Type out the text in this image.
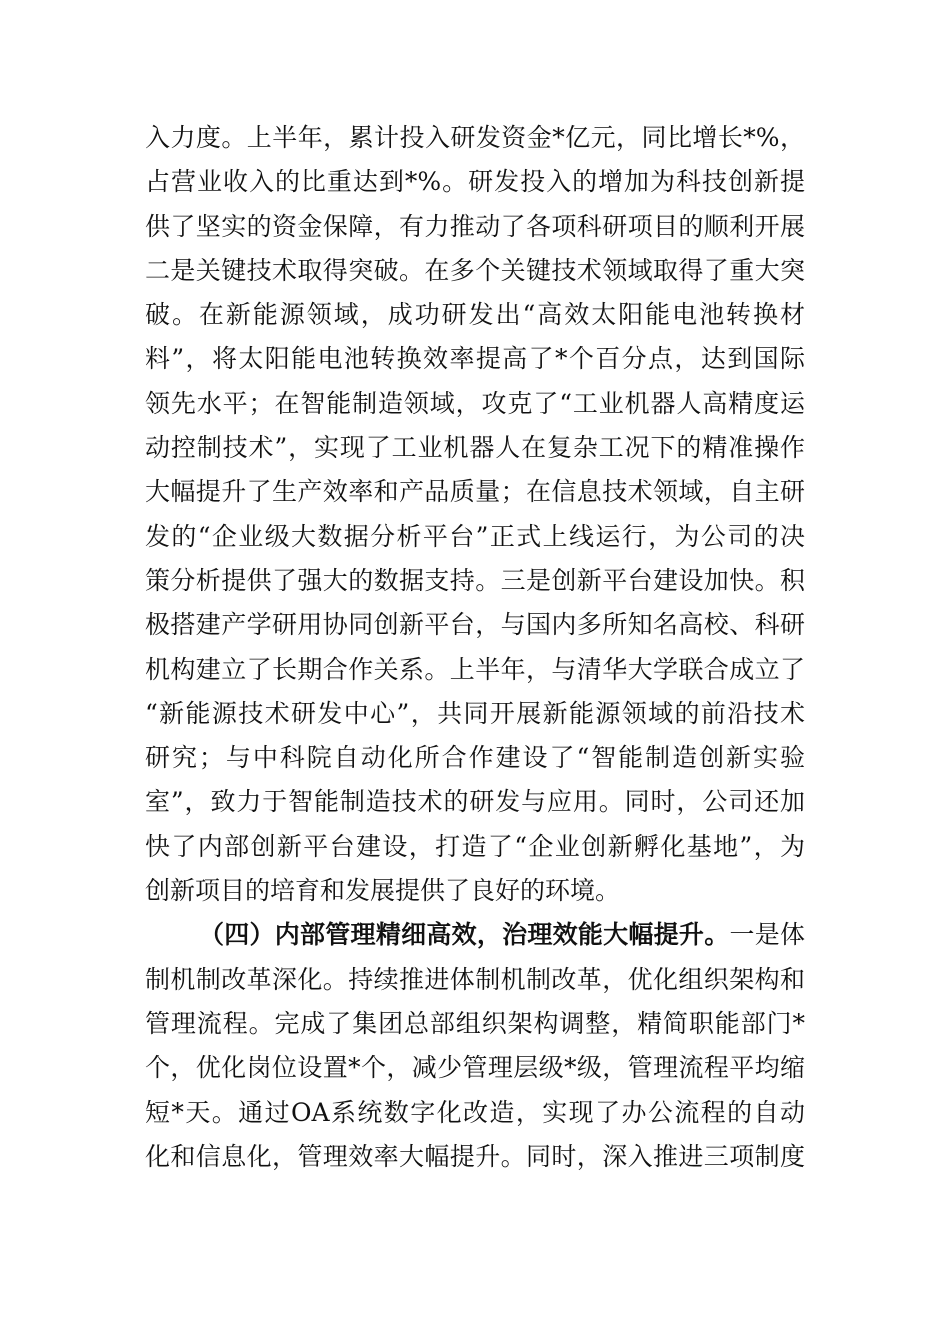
入力度。上半年，累计投入研发资金*亿元，同比增长*%，
占营业收入的比重达到*%。研发投入的增加为科技创新提
供了坚实的资金保障，有力推动了各项科研项目的顺利开展
二是关键技术取得突破。在多个关键技术领域取得了重大突
破。在新能源领域，成功研发出“高效太阳能电池转换材
料”，将太阳能电池转换效率提高了*个百分点，达到国际
领先水平；在智能制造领域，攻克了“工业机器人高精度运
动控制技术”，实现了工业机器人在复杂工况下的精准操作
大幅提升了生产效率和产品质量；在信息技术领域，自主研
发的“企业级大数据分析平台”正式上线运行，为公司的决
策分析提供了强大的数据支持。三是创新平台建设加快。积
极搭建产学研用协同创新平台，与国内多所知名高校、科研
机构建立了长期合作关系。上半年，与清华大学联合成立了
“新能源技术研发中心”，共同开展新能源领域的前沿技术
研究；与中科院自动化所合作建设了“智能制造创新实验
室”，致力于智能制造技术的研发与应用。同时，公司还加
快了内部创新平台建设，打造了“企业创新孵化基地”，为
创新项目的培育和发展提供了良好的环境。
（四）内部管理精细高效，治理效能大幅提升。一是体
制机制改革深化。持续推进体制机制改革，优化组织架构和
管理流程。完成了集团总部组织架构调整，精简职能部门*
个，优化岗位设置*个，减少管理层级*级，管理流程平均缩
短*天。通过OA系统数字化改造，实现了办公流程的自动
化和信息化，管理效率大幅提升。同时，深入推进三项制度
